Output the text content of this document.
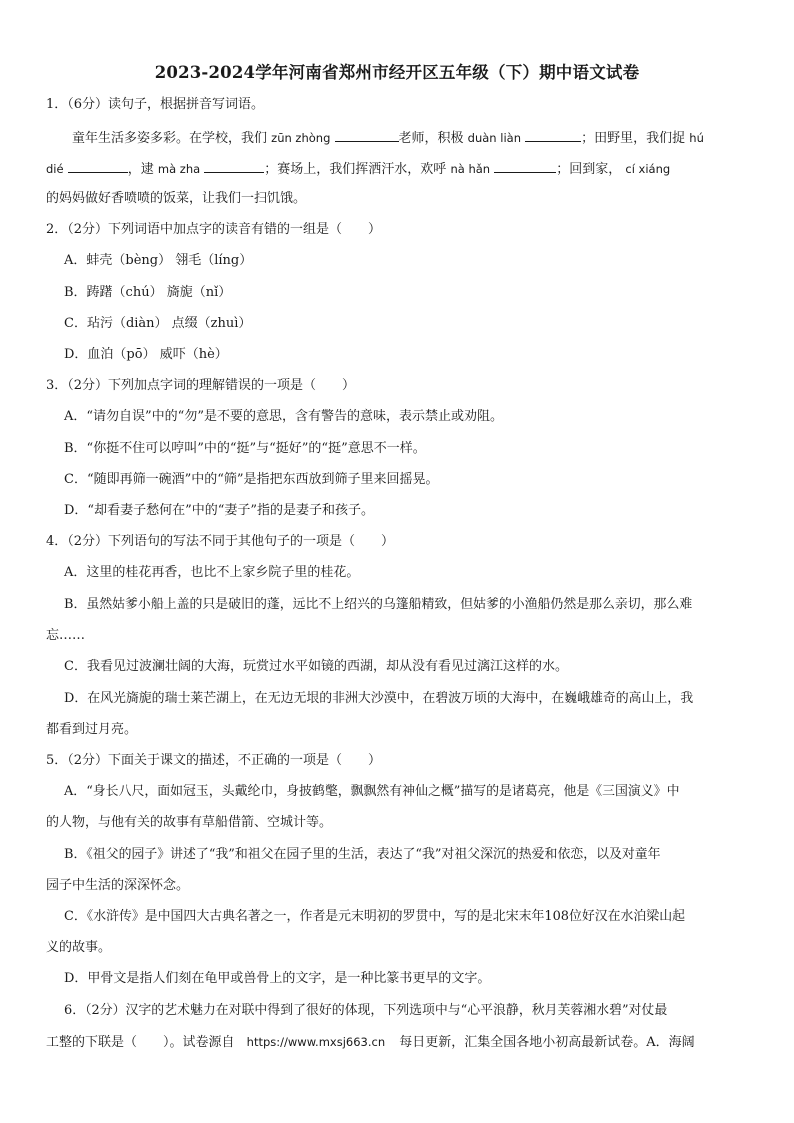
2023-2024学年河南省郑州市经开区五年级（下）期中语文试卷
1．（6分）读句子，根据拼音写词语。
童年生活多姿多彩。在学校，我们 zūn zhòng	老师，积极 duàn liàn	；田野里，我们捉 hú
dié	，逮 mà zha	；赛场上，我们挥洒汗水，欢呼 nà hǎn	；回到家， cí xiáng
的妈妈做好香喷喷的饭菜，让我们一扫饥饿。
2．（2分）下列词语中加点字的读音有错的一组是（　　）
A．蚌壳（bèng） 翎毛（líng）
B．踌躇（chú） 旖旎（nǐ）
C．玷污（diàn） 点缀（zhuì）
D．血泊（pō） 威吓（hè）
3．（2分）下列加点字词的理解错误的一项是（　　）
A．“请勿自误”中的“勿”是不要的意思，含有警告的意味，表示禁止或劝阻。
B．“你挺不住可以哼叫”中的“挺”与“挺好”的“挺”意思不一样。
C．“随即再筛一碗酒”中的“筛”是指把东西放到筛子里来回摇晃。
D．“却看妻子愁何在”中的“妻子”指的是妻子和孩子。
4．（2分）下列语句的写法不同于其他句子的一项是（　　）
A．这里的桂花再香，也比不上家乡院子里的桂花。
B．虽然姑爹小船上盖的只是破旧的蓬，远比不上绍兴的乌篷船精致，但姑爹的小渔船仍然是那么亲切，那么难
忘……
C．我看见过波澜壮阔的大海，玩赏过水平如镜的西湖，却从没有看见过漓江这样的水。
D．在风光旖旎的瑞士莱芒湖上，在无边无垠的非洲大沙漠中，在碧波万顷的大海中，在巍峨雄奇的高山上，我
都看到过月亮。
5．（2分）下面关于课文的描述，不正确的一项是（　　）
A．“身长八尺，面如冠玉，头戴纶巾，身披鹤氅，飘飘然有神仙之概”描写的是诸葛亮，他是《三国演义》中
的人物，与他有关的故事有草船借箭、空城计等。
B．《祖父的园子》讲述了“我”和祖父在园子里的生活，表达了“我”对祖父深沉的热爱和依恋，以及对童年
园子中生活的深深怀念。
C．《水浒传》是中国四大古典名著之一，作者是元末明初的罗贯中，写的是北宋末年108位好汉在水泊梁山起
义的故事。
D．甲骨文是指人们刻在龟甲或兽骨上的文字，是一种比篆书更早的文字。
6．（2分）汉字的艺术魅力在对联中得到了很好的体现，下列选项中与“心平浪静，秋月芙蓉湘水碧”对仗最
工整的下联是（　　）。试卷源自 https://www.mxsj663.cn 每日更新，汇集全国各地小初高最新试卷。A．海阔
